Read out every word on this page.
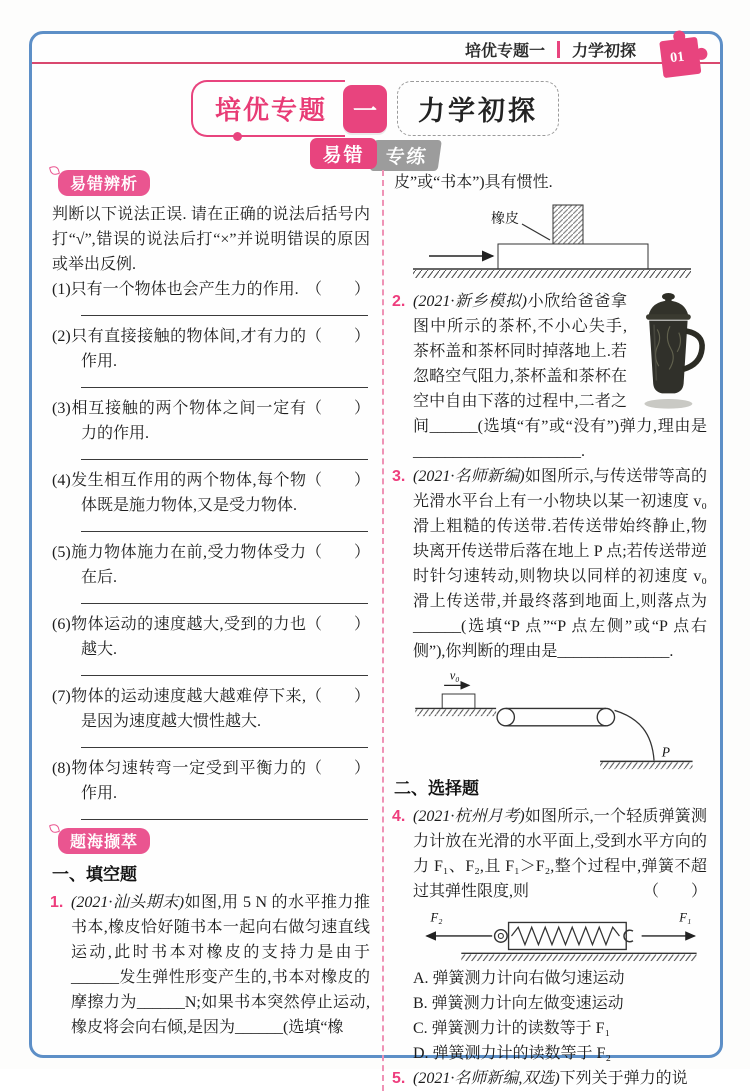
培优专题一 力学初探 01
培优专题	一	力学初探
易错 专练
易错辨析
判断以下说法正误. 请在正确的说法后括号内打“√”,错误的说法后打“×”并说明错误的原因或举出反例.
(1)只有一个物体也会产生力的作用. （　　）
（　　）
(2)只有直接接触的物体间,才有力的作用.
（　　）
(3)相互接触的两个物体之间一定有力的作用.
（　　）
(4)发生相互作用的两个物体,每个物体既是施力物体,又是受力物体.
（　　）
(5)施力物体施力在前,受力物体受力在后.
（　　）
(6)物体运动的速度越大,受到的力也越大.
（　　）
(7)物体的运动速度越大越难停下来,是因为速度越大惯性越大.
（　　）
(8)物体匀速转弯一定受到平衡力的作用.
题海撷萃
一、填空题
1. (2021·汕头期末)如图,用 5 N 的水平推力推书本,橡皮恰好随书本一起向右做匀速直线运动,此时书本对橡皮的支持力是由于______发生弹性形变产生的,书本对橡皮的摩擦力为______N;如果书本突然停止运动,橡皮将会向右倾,是因为______(选填“橡
皮”或“书本”)具有惯性.
橡皮
2. (2021·新乡模拟)小欣给爸爸拿图中所示的茶杯,不小心失手,茶杯盖和茶杯同时掉落地上.若忽略空气阻力,茶杯盖和茶杯在空中自由下落的过程中,二者之间______(选填“有”或“没有”)弹力,理由是_____________________.
3. (2021·名师新编)如图所示,与传送带等高的光滑水平台上有一小物块以某一初速度 v₀ 滑上粗糙的传送带.若传送带始终静止,物块离开传送带后落在地上 P 点;若传送带逆时针匀速转动,则物块以同样的初速度 v₀ 滑上传送带,并最终落到地面上,则落点为______(选填“P 点”“P 点左侧”或“P 点右侧”),你判断的理由是______________.
v₀
P
二、选择题
4. (2021·杭州月考)如图所示,一个轻质弹簧测力计放在光滑的水平面上,受到水平方向的力 F₁、F₂,且 F₁＞F₂,整个过程中,弹簧不超过其弹性限度,则	（　　）
F₂	F₁
A. 弹簧测力计向右做匀速运动
B. 弹簧测力计向左做变速运动
C. 弹簧测力计的读数等于 F₁
D. 弹簧测力计的读数等于 F₂
5. (2021·名师新编,双选)下列关于弹力的说
